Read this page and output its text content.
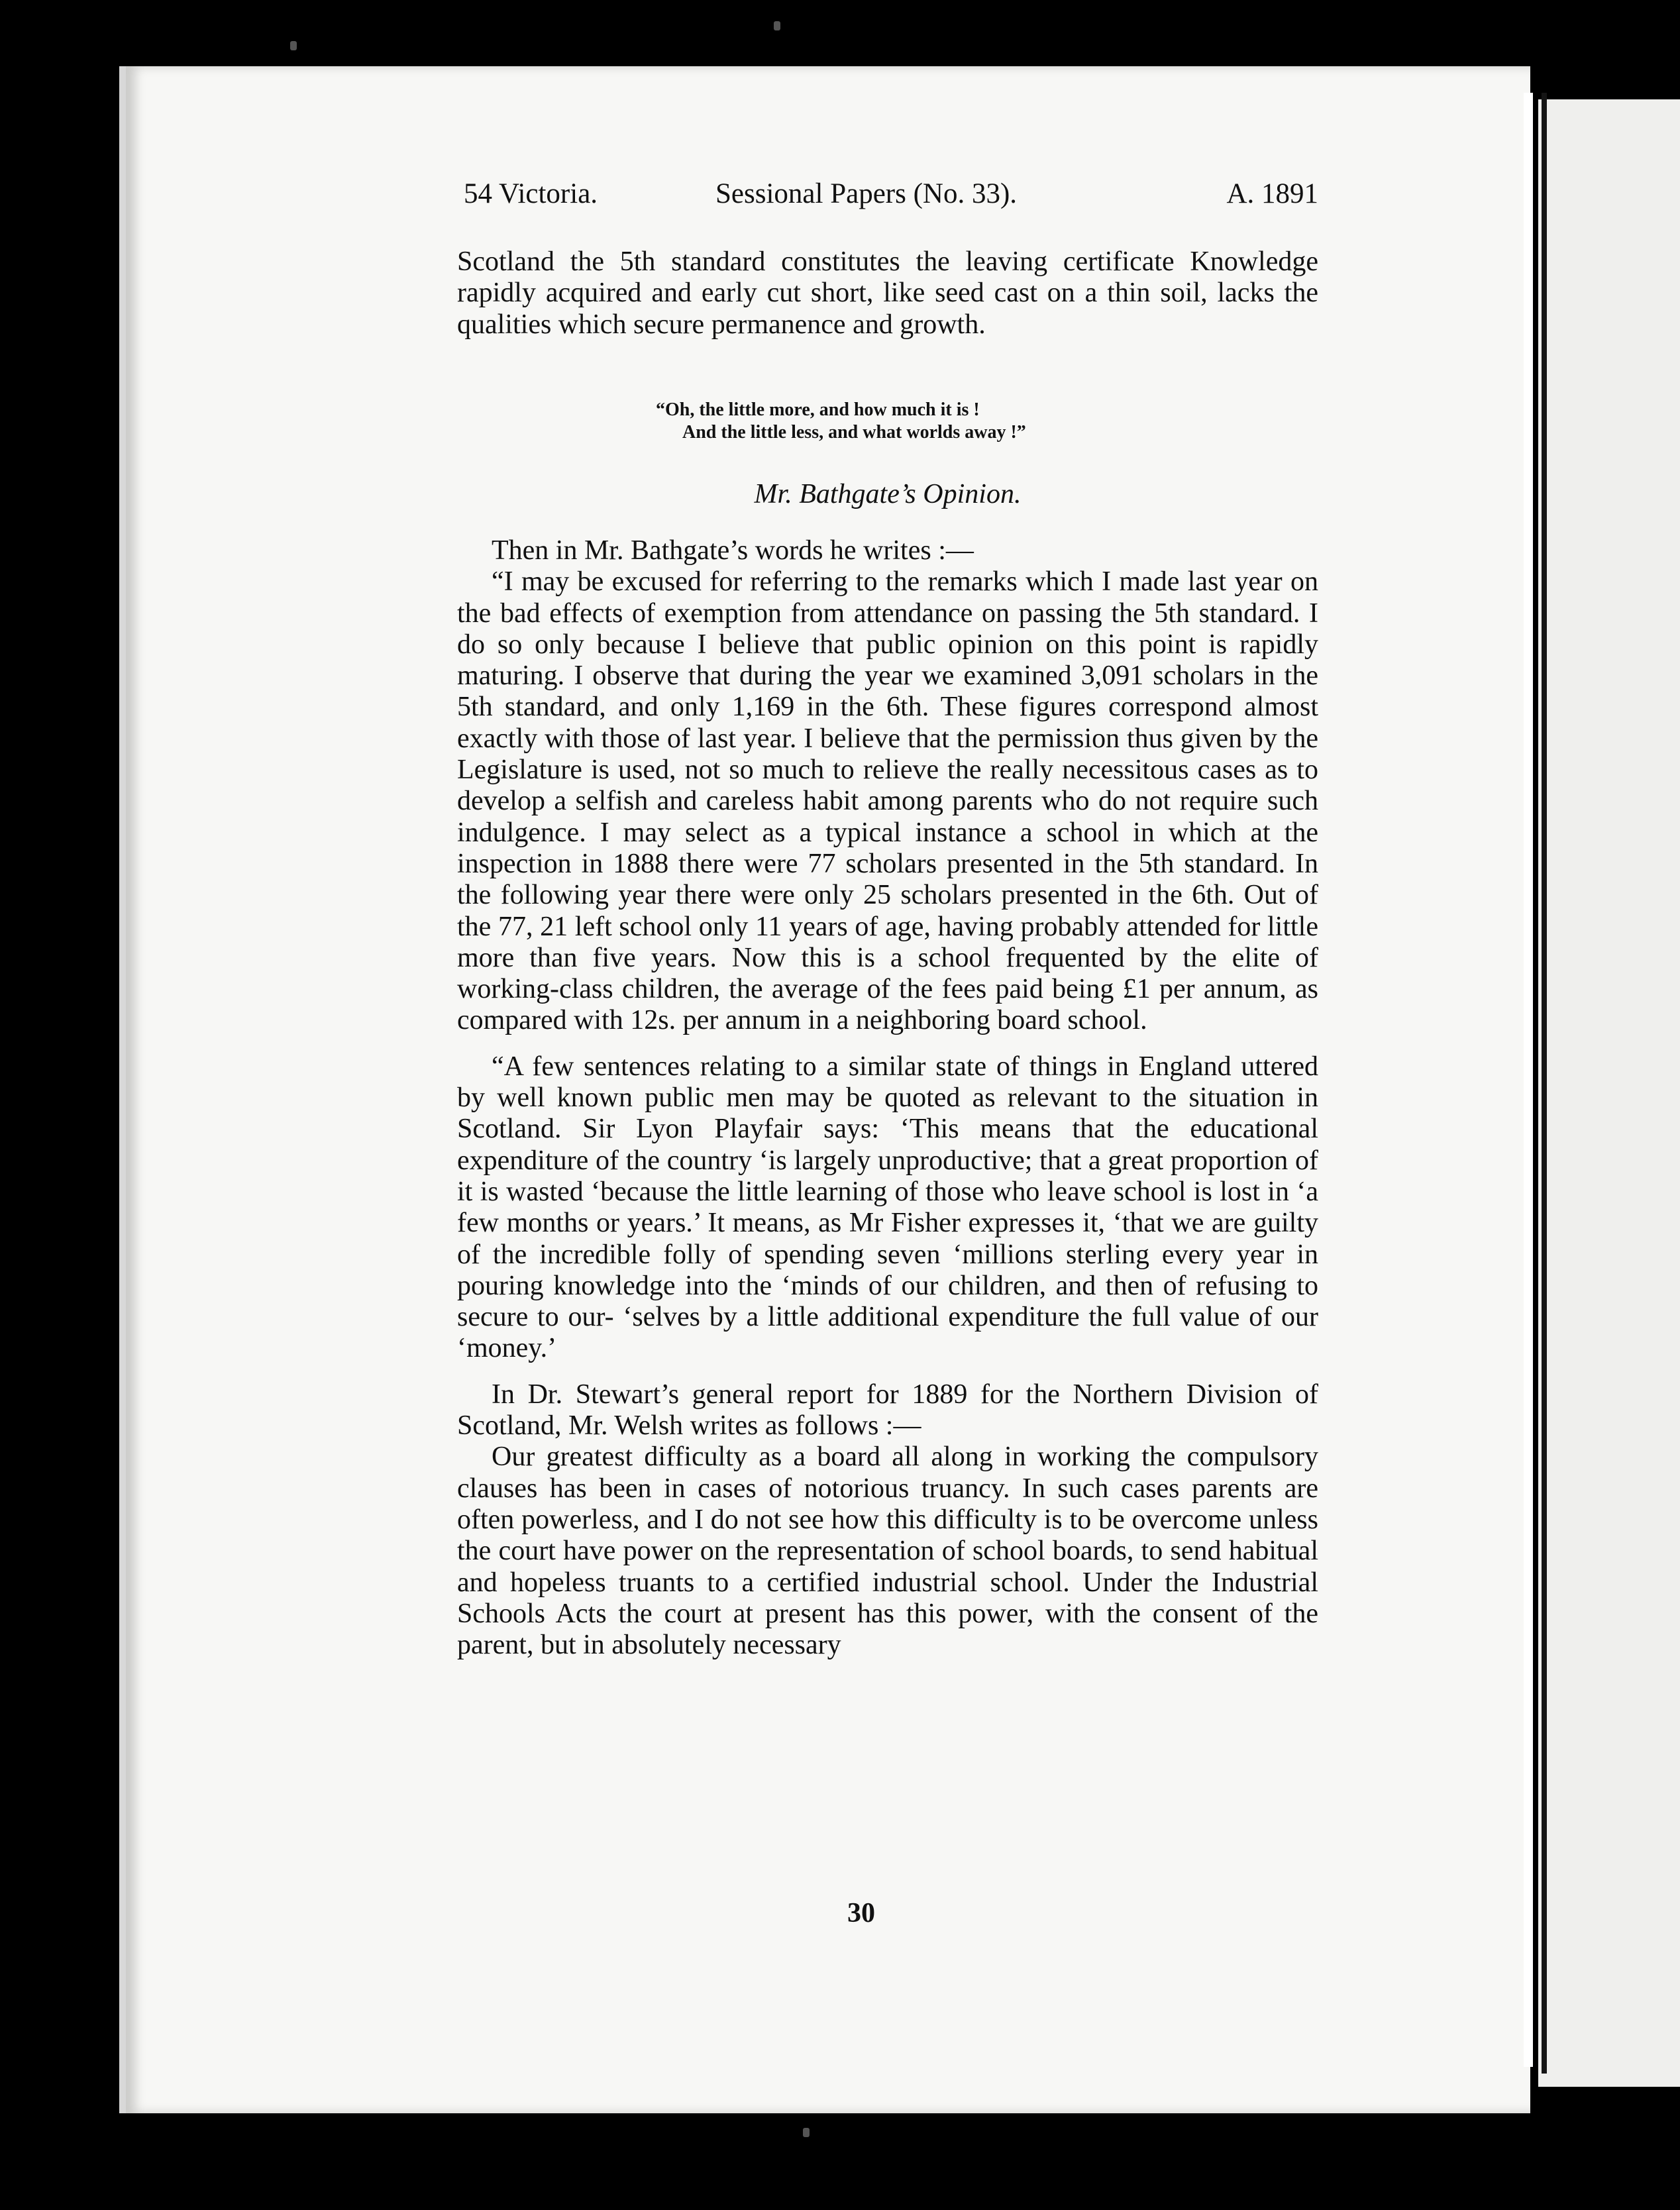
54 Victoria.	Sessional Papers (No. 33).	A. 1891
Scotland the 5th standard constitutes the leaving certificate Knowledge rapidly acquired and early cut short, like seed cast on a thin soil, lacks the qualities which secure permanence and growth.
“Oh, the little more, and how much it is !
And the little less, and what worlds away !”
Mr. Bathgate’s Opinion.

Then in Mr. Bathgate’s words he writes :—

“I may be excused for referring to the remarks which I made last year on the bad effects of exemption from attendance on passing the 5th standard. I do so only because I believe that public opinion on this point is rapidly maturing. I observe that during the year we examined 3,091 scholars in the 5th standard, and only 1,169 in the 6th. These figures correspond almost exactly with those of last year. I believe that the permission thus given by the Legislature is used, not so much to relieve the really necessitous cases as to develop a selfish and careless habit among parents who do not require such indulgence. I may select as a typical instance a school in which at the inspection in 1888 there were 77 scholars presented in the 5th standard. In the following year there were only 25 scholars presented in the 6th. Out of the 77, 21 left school only 11 years of age, having probably attended for little more than five years. Now this is a school frequented by the elite of working-class children, the average of the fees paid being £1 per annum, as compared with 12s. per annum in a neighboring board school.

“A few sentences relating to a similar state of things in England uttered by well known public men may be quoted as relevant to the situation in Scotland. Sir Lyon Playfair says: ‘This means that the educational expenditure of the country ‘is largely unproductive; that a great proportion of it is wasted ‘because the little learning of those who leave school is lost in ‘a few months or years.’ It means, as Mr Fisher expresses it, ‘that we are guilty of the incredible folly of spending seven ‘millions sterling every year in pouring knowledge into the ‘minds of our children, and then of refusing to secure to our- ‘selves by a little additional expenditure the full value of our ‘money.’

In Dr. Stewart’s general report for 1889 for the Northern Division of Scotland, Mr. Welsh writes as follows :—

Our greatest difficulty as a board all along in working the compulsory clauses has been in cases of notorious truancy. In such cases parents are often powerless, and I do not see how this difficulty is to be overcome unless the court have power on the representation of school boards, to send habitual and hopeless truants to a certified industrial school. Under the Industrial Schools Acts the court at present has this power, with the consent of the parent, but in absolutely necessary

30
